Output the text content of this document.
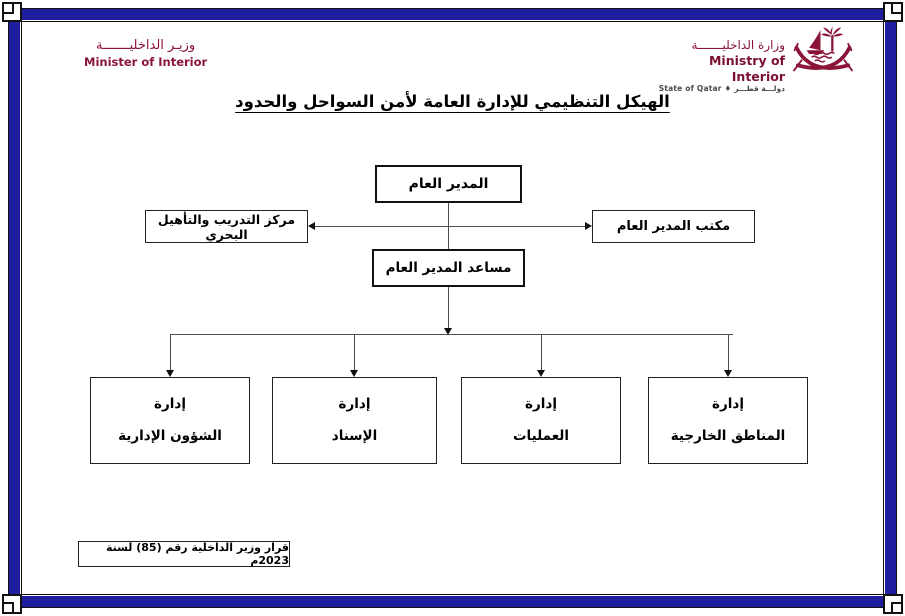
وزيـر الداخليـــــــة
Minister of Interior
وزارة الداخليـــــــة
Ministry of Interior
State of Qatar ♦ دولـــة قطـــر
الهيكل التنظيمي للإدارة العامة لأمن السواحل والحدود
المدير العام
مركز التدريب والتأهيل البحري	مكتب المدير العام
مساعد المدير العام
إدارة
الشؤون الإدارية
إدارة
الإسناد
إدارة
العمليات
إدارة
المناطق الخارجية
قرار وزير الداخلية رقم (85) لسنة 2023م
